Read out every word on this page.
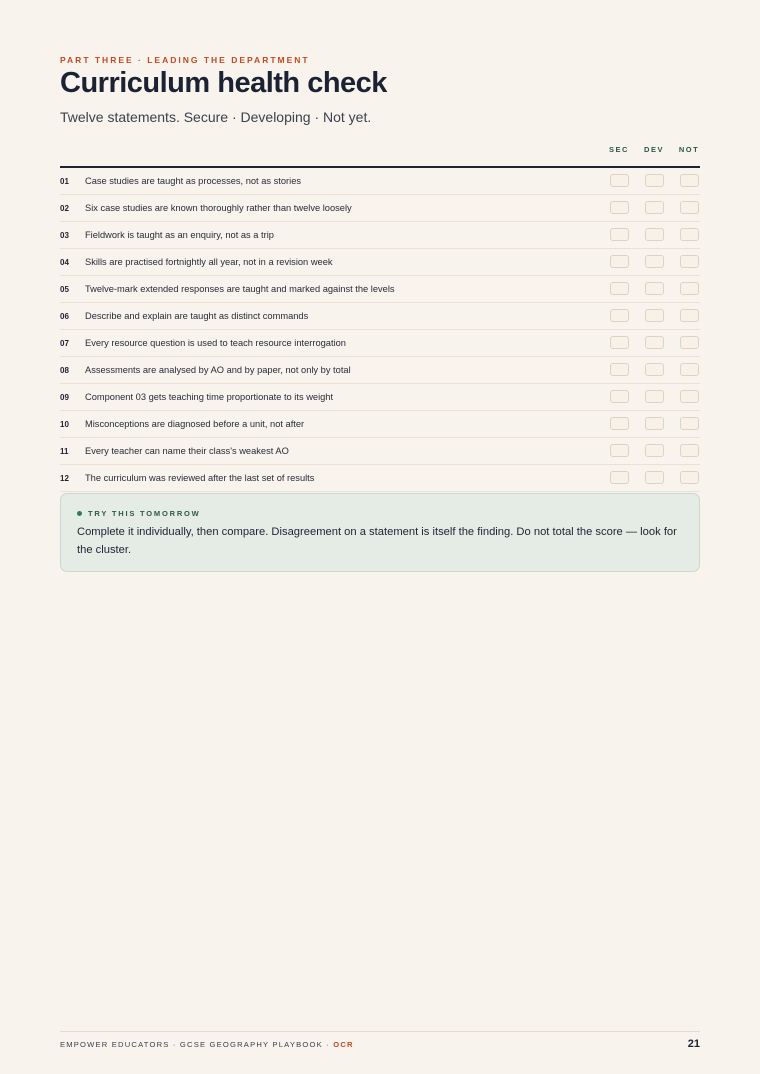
PART THREE · LEADING THE DEPARTMENT
Curriculum health check
Twelve statements. Secure · Developing · Not yet.
SEC	DEV	NOT
01	Case studies are taught as processes, not as stories
02	Six case studies are known thoroughly rather than twelve loosely
03	Fieldwork is taught as an enquiry, not as a trip
04	Skills are practised fortnightly all year, not in a revision week
05	Twelve-mark extended responses are taught and marked against the levels
06	Describe and explain are taught as distinct commands
07	Every resource question is used to teach resource interrogation
08	Assessments are analysed by AO and by paper, not only by total
09	Component 03 gets teaching time proportionate to its weight
10	Misconceptions are diagnosed before a unit, not after
11	Every teacher can name their class's weakest AO
12	The curriculum was reviewed after the last set of results
TRY THIS TOMORROW
Complete it individually, then compare. Disagreement on a statement is itself the finding. Do not total the score — look for the cluster.
EMPOWER EDUCATORS · GCSE GEOGRAPHY PLAYBOOK · OCR	21
